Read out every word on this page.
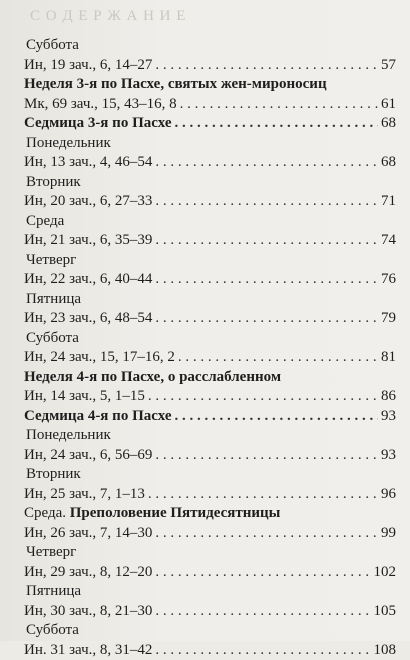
С О Д Е Р Ж А Н И Е
Суббота
Ин, 19 зач., 6, 14–27 . . .	57
Неделя 3-я по Пасхе, святых жен-мироносиц
Мк, 69 зач., 15, 43–16, 8 . . .	61
Седмица 3-я по Пасхе . . .	68
Понедельник
Ин, 13 зач., 4, 46–54 . . .	68
Вторник
Ин, 20 зач., 6, 27–33 . . .	71
Среда
Ин, 21 зач., 6, 35–39 . . .	74
Четверг
Ин, 22 зач., 6, 40–44 . . .	76
Пятница
Ин, 23 зач., 6, 48–54 . . .	79
Суббота
Ин, 24 зач., 15, 17–16, 2 . . .	81
Неделя 4-я по Пасхе, о расслабленном
Ин, 14 зач., 5, 1–15 . . .	86
Седмица 4-я по Пасхе . . .	93
Понедельник
Ин, 24 зач., 6, 56–69 . . .	93
Вторник
Ин, 25 зач., 7, 1–13 . . .	96
Среда. Преполовение Пятидесятницы
Ин, 26 зач., 7, 14–30 . . .	99
Четверг
Ин, 29 зач., 8, 12–20 . . .	102
Пятница
Ин, 30 зач., 8, 21–30 . . .	105
Суббота
Ин. 31 зач., 8, 31–42 . . .	108
